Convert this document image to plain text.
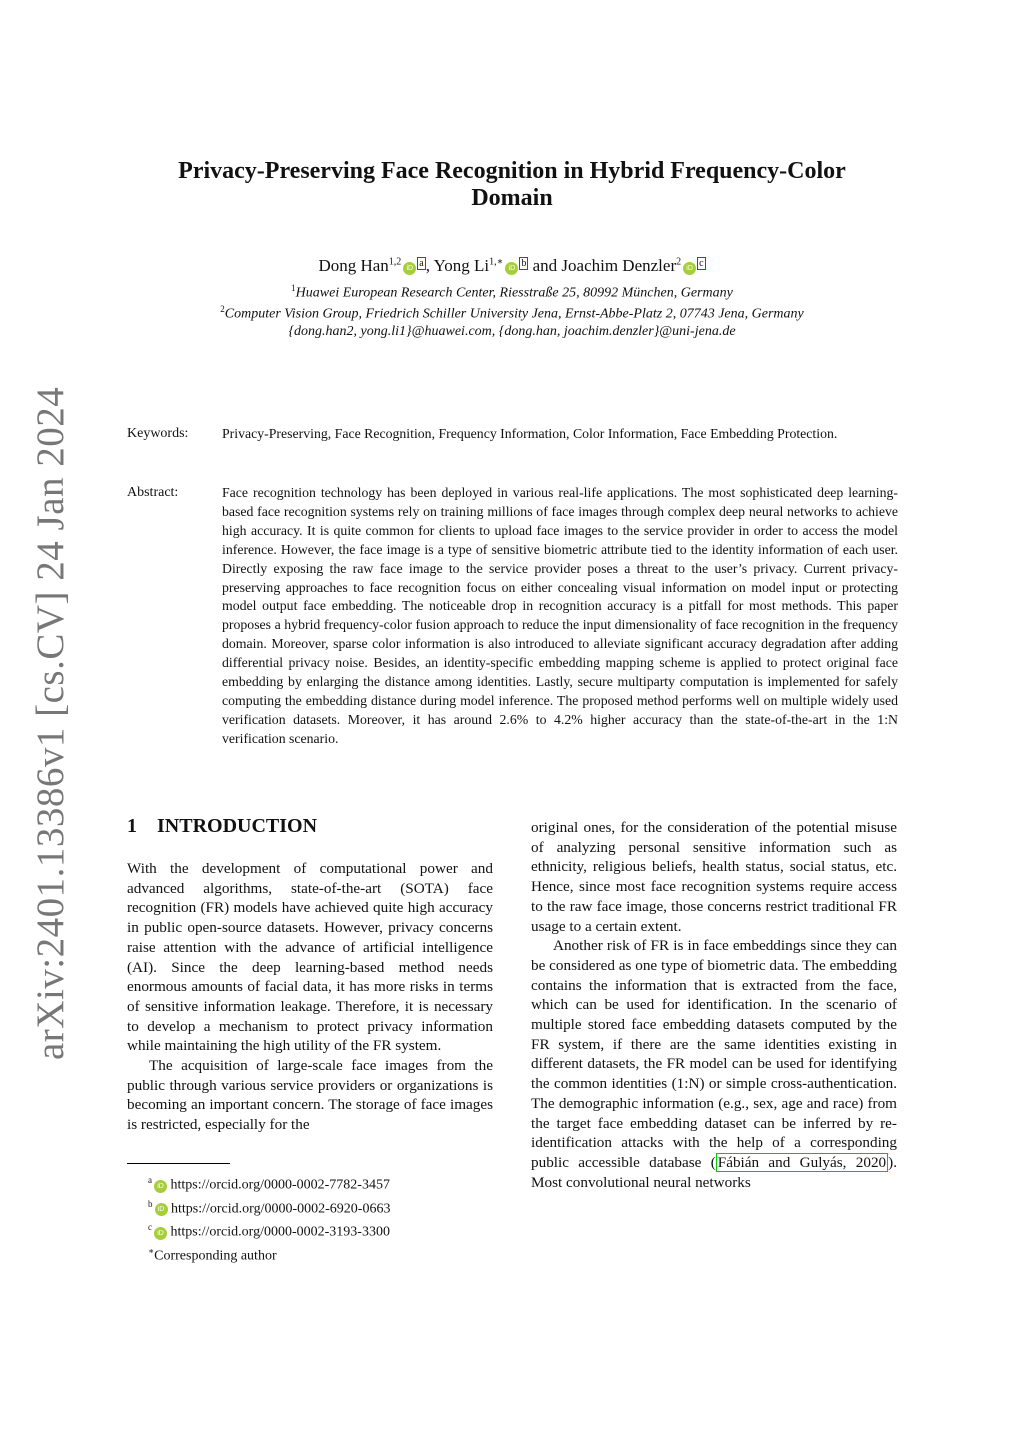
arXiv:2401.13386v1 [cs.CV] 24 Jan 2024
Privacy-Preserving Face Recognition in Hybrid Frequency-Color Domain
Dong Han$^{1,2}$iD a , Yong $Li^{1,∗}iD$ b and Joachim Denzler$^2$iD c
$^1$Huawei European Research Center, Riesstraße 25, 80992 München, Germany
$^2$Computer Vision Group, Friedrich Schiller University Jena, Ernst-Abbe-Platz 2, 07743 Jena, Germany
{dong.han2, yong.li1}@huawei.com, {dong.han, joachim.denzler}@uni-jena.de
Keywords: Privacy-Preserving, Face Recognition, Frequency Information, Color Information, Face Embedding Protection.
Abstract:	Face recognition technology has been deployed in various real-life applications. The most sophisticated deep learning-based face recognition systems rely on training millions of face images through complex deep neural networks to achieve high accuracy. It is quite common for clients to upload face images to the service provider in order to access the model inference. However, the face image is a type of sensitive biometric attribute tied to the identity information of each user. Directly exposing the raw face image to the service provider poses a threat to the user’s privacy. Current privacy-preserving approaches to face recognition focus on either concealing visual information on model input or protecting model output face embedding. The noticeable drop in recognition accuracy is a pitfall for most methods. This paper proposes a hybrid frequency-color fusion approach to reduce the input dimensionality of face recognition in the frequency domain. Moreover, sparse color information is also introduced to alleviate significant accuracy degradation after adding differential privacy noise. Besides, an identity-specific embedding mapping scheme is applied to protect original face embedding by enlarging the distance among identities. Lastly, secure multiparty computation is implemented for safely computing the embedding distance during model inference. The proposed method performs well on multiple widely used verification datasets. Moreover, it has around 2.6% to 4.2% higher accuracy than the state-of-the-art in the 1:N verification scenario.
1 INTRODUCTION

With the development of computational power and advanced algorithms, state-of-the-art (SOTA) face recognition (FR) models have achieved quite high accuracy in public open-source datasets. However, privacy concerns raise attention with the advance of artificial intelligence (AI). Since the deep learning-based method needs enormous amounts of facial data, it has more risks in terms of sensitive information leakage. Therefore, it is necessary to develop a mechanism to protect privacy information while maintaining the high utility of the FR system.

The acquisition of large-scale face images from the public through various service providers or organizations is becoming an important concern. The storage of face images is restricted, especially for the

original ones, for the consideration of the potential misuse of analyzing personal sensitive information such as ethnicity, religious beliefs, health status, social status, etc. Hence, since most face recognition systems require access to the raw face image, those concerns restrict traditional FR usage to a certain extent.

Another risk of FR is in face embeddings since they can be considered as one type of biometric data. The embedding contains the information that is extracted from the face, which can be used for identification. In the scenario of multiple stored face embedding datasets computed by the FR system, if there are the same identities existing in different datasets, the FR model can be used for identifying the common identities (1:N) or simple cross-authentication. The demographic information (e.g., sex, age and race) from the target face embedding dataset can be inferred by re-identification attacks with the help of a corresponding public accessible database ( Fábián and Gulyás, 2020 ). Most convolutional neural networks

$^a$iD https://orcid.org/0000-0002-7782-3457
$^b$iD https://orcid.org/0000-0002-6920-0663
$^c$iD https://orcid.org/0000-0002-3193-3300
∗Corresponding author
